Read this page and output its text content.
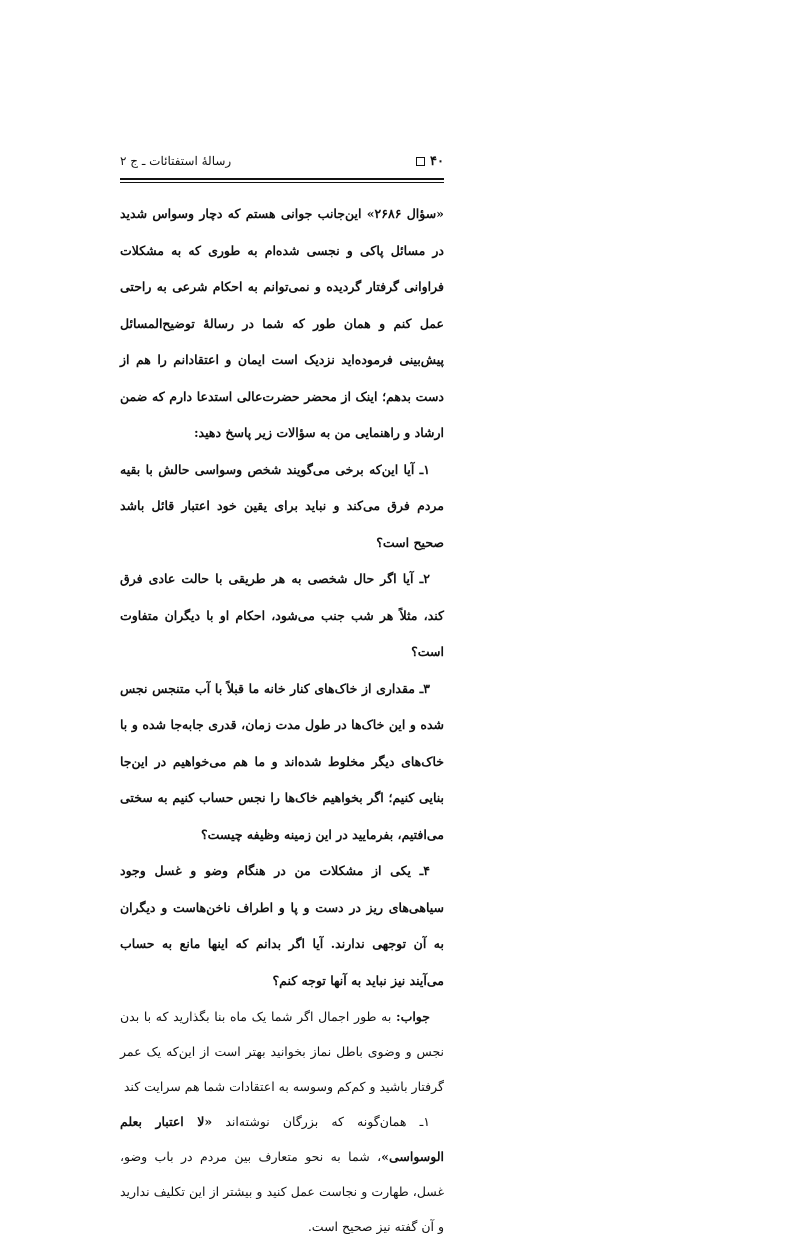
۴۰
رسالهٔ استفتائات ـ ج ۲

«سؤال ۲۶۸۶» این‌جانب جوانی هستم که دچار وسواس شدید در مسائل پاکی و نجسی شده‌ام به طوری که به مشکلات فراوانی گرفتار گردیده و نمی‌توانم به احکام شرعی به راحتی عمل کنم و همان طور که شما در رسالهٔ توضیح‌المسائل پیش‌بینی فرموده‌اید نزدیک است ایمان و اعتقادانم را هم از دست بدهم؛ اینک از محضر حضرت‌عالی استدعا دارم که ضمن ارشاد و راهنمایی من به سؤالات زیر پاسخ دهید:

۱ـ آیا این‌که برخی می‌گویند شخص وسواسی حالش با بقیه مردم فرق می‌کند و نباید برای یقین خود اعتبار قائل باشد صحیح است؟

۲ـ آیا اگر حال شخصی به هر طریقی با حالت عادی فرق کند، مثلاً هر شب جنب می‌شود، احکام او با دیگران متفاوت است؟

۳ـ مقداری از خاک‌های کنار خانه ما قبلاً با آب متنجس نجس شده و این خاک‌ها در طول مدت زمان، قدری جابه‌جا شده و با خاک‌های دیگر مخلوط شده‌اند و ما هم می‌خواهیم در این‌جا بنایی کنیم؛ اگر بخواهیم خاک‌ها را نجس حساب کنیم به سختی می‌افتیم، بفرمایید در این زمینه وظیفه چیست؟

۴ـ یکی از مشکلات من در هنگام وضو و غسل وجود سیاهی‌های ریز در دست و پا و اطراف ناخن‌هاست و دیگران به آن توجهی ندارند. آیا اگر بدانم که اینها مانع به حساب می‌آیند نیز نباید به آنها توجه کنم؟

جواب: به طور اجمال اگر شما یک ماه بنا بگذارید که با بدن نجس و وضوی باطل نماز بخوانید بهتر است از این‌که یک عمر گرفتار باشید و کم‌کم وسوسه به اعتقادات شما هم سرایت کند

۱ـ همان‌گونه که بزرگان نوشته‌اند «لا اعتبار بعلم الوسواسی»، شما به نحو متعارف بین مردم در باب وضو، غسل، طهارت و نجاست عمل کنید و بیشتر از این تکلیف ندارید و آن گفته نیز صحیح است.
